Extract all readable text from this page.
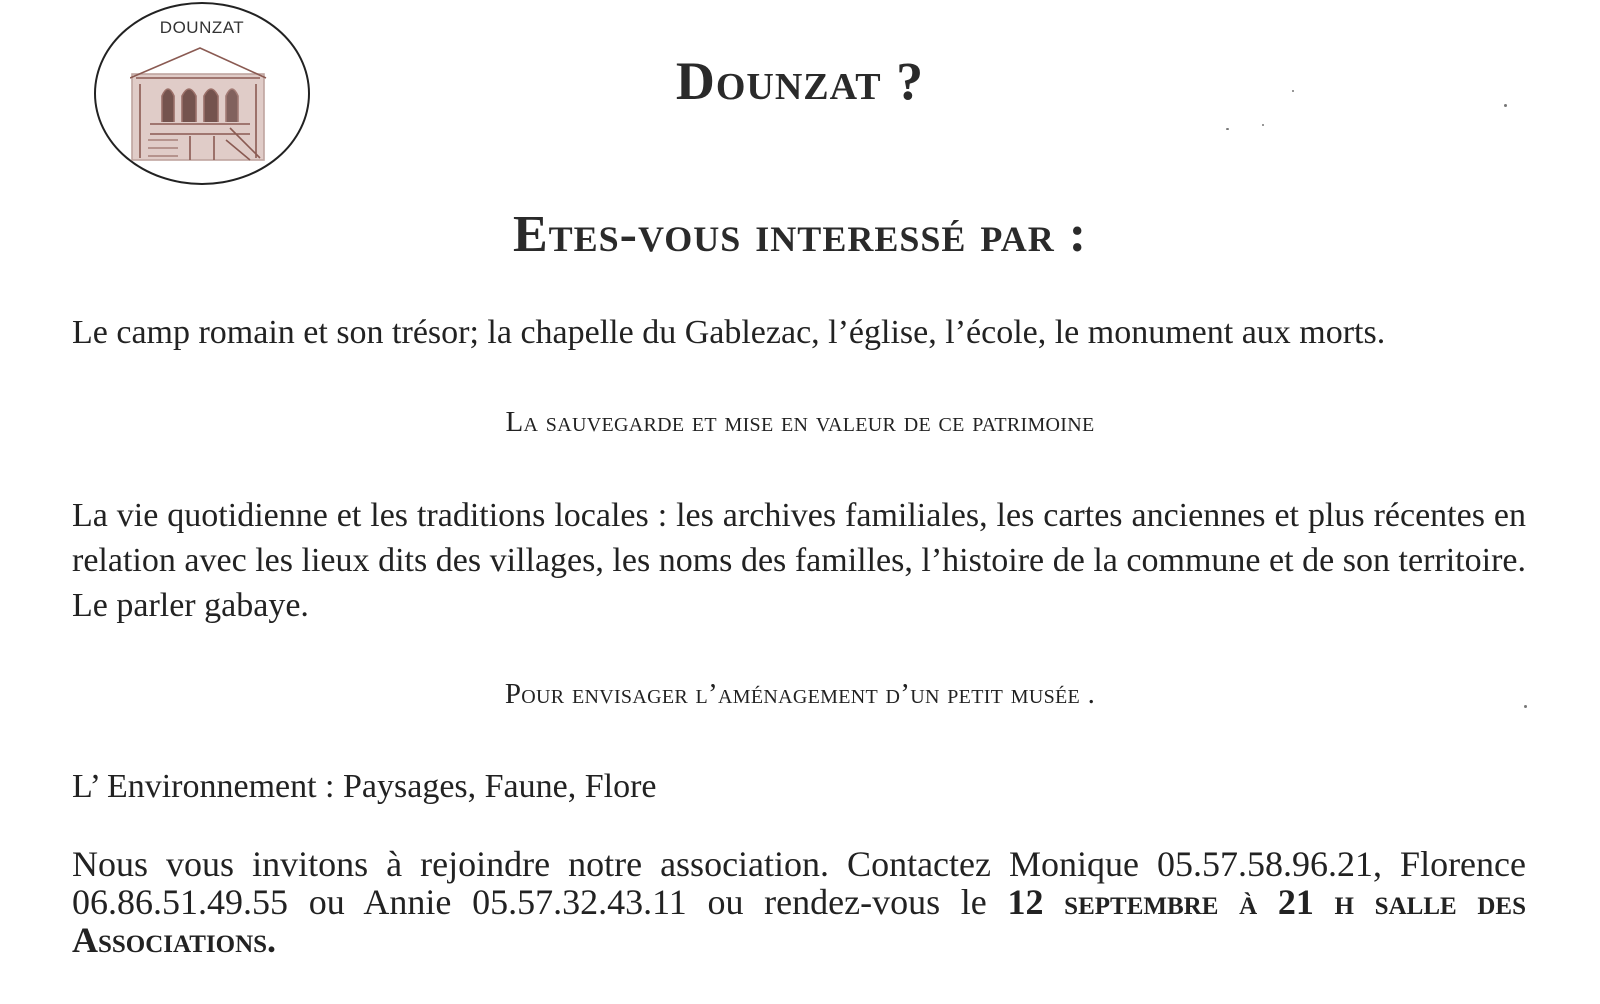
DOUNZAT
Dounzat ?
Etes-vous interessé par :
Le camp romain et son trésor; la chapelle du Gablezac, l’église, l’école, le monument aux morts.
La sauvegarde et mise en valeur de ce patrimoine
La vie quotidienne et les traditions locales : les archives familiales, les cartes anciennes et plus récentes en relation avec les lieux dits des villages, les noms des familles, l’histoire de la commune et de son territoire. Le parler gabaye.
Pour envisager l’aménagement d’un petit musée .
L’ Environnement : Paysages, Faune, Flore
Nous vous invitons à rejoindre notre association. Contactez Monique 05.57.58.96.21, Florence 06.86.51.49.55 ou Annie 05.57.32.43.11 ou rendez-vous le 12 septembre à 21 h salle des Associations.
